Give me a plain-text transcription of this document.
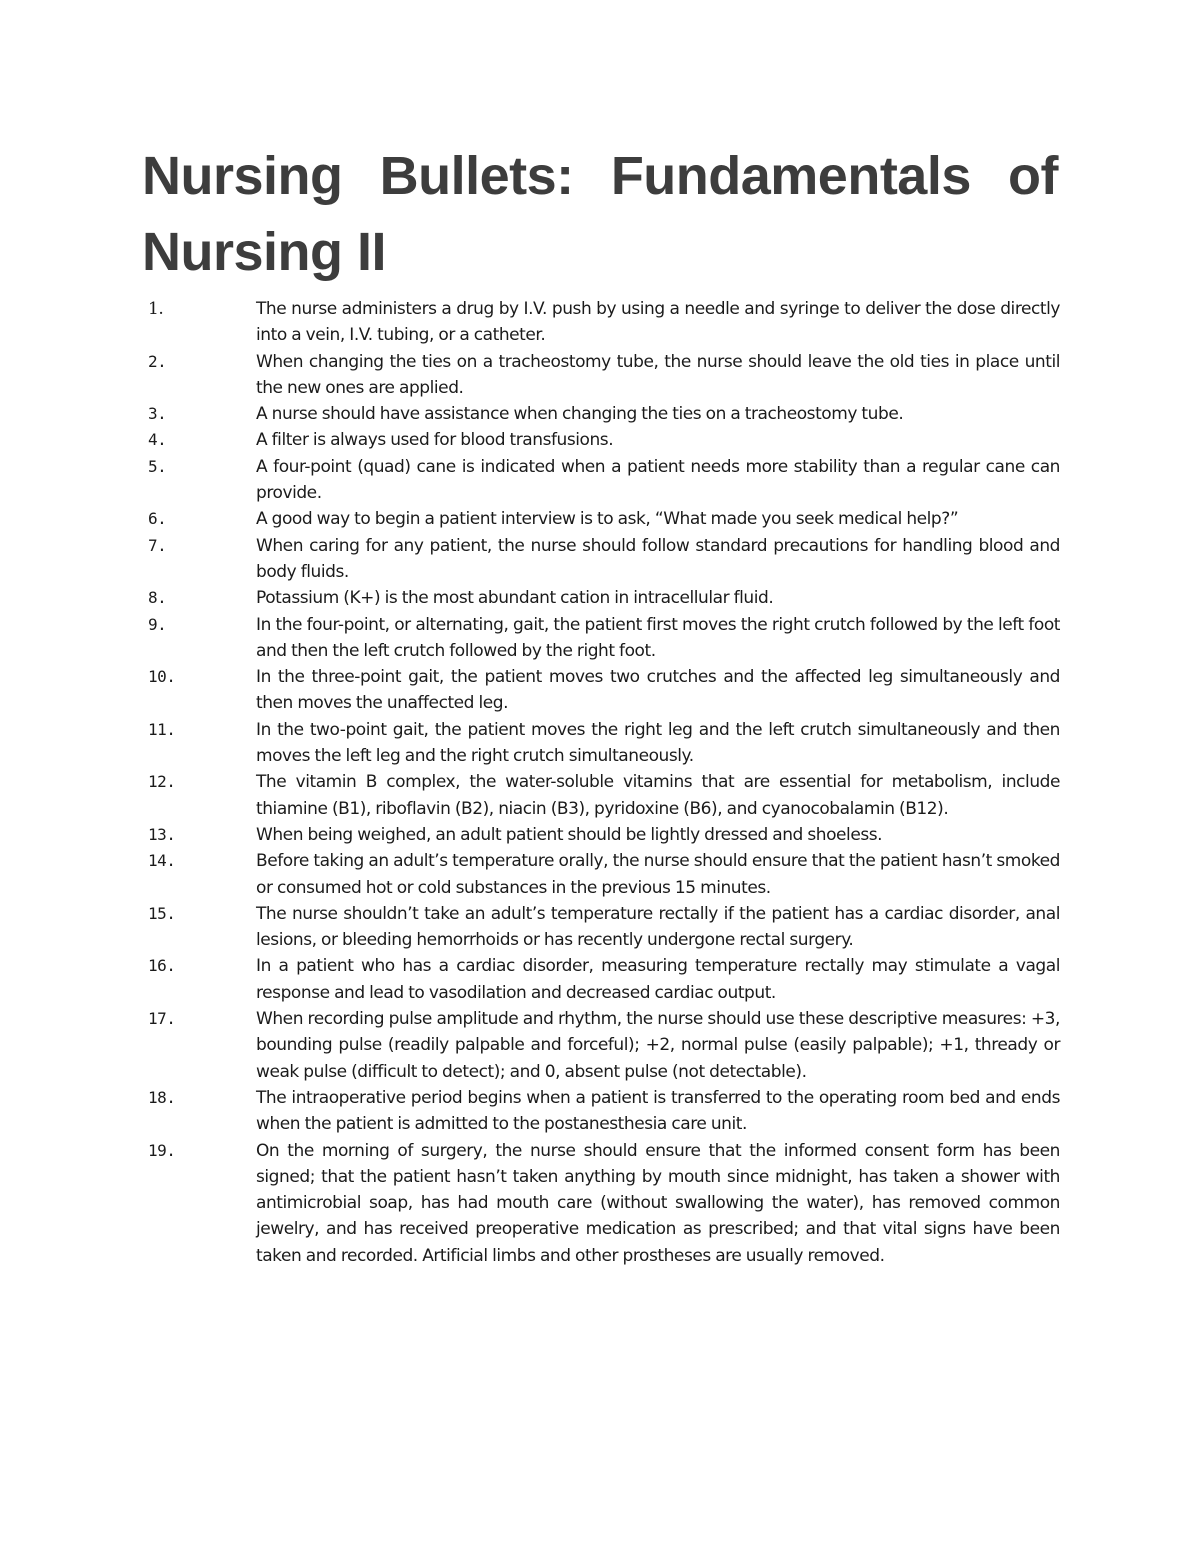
Nursing Bullets: Fundamentals of Nursing II
1.	The nurse administers a drug by I.V. push by using a needle and syringe to deliver the dose directly into a vein, I.V. tubing, or a catheter.
2.	When changing the ties on a tracheostomy tube, the nurse should leave the old ties in place until the new ones are applied.
3.	A nurse should have assistance when changing the ties on a tracheostomy tube.
4.	A filter is always used for blood transfusions.
5.	A four-point (quad) cane is indicated when a patient needs more stability than a regular cane can provide.
6.	A good way to begin a patient interview is to ask, “What made you seek medical help?”
7.	When caring for any patient, the nurse should follow standard precautions for handling blood and body fluids.
8.	Potassium (K+) is the most abundant cation in intracellular fluid.
9.	In the four-point, or alternating, gait, the patient first moves the right crutch followed by the left foot and then the left crutch followed by the right foot.
10.	In the three-point gait, the patient moves two crutches and the affected leg simultaneously and then moves the unaffected leg.
11.	In the two-point gait, the patient moves the right leg and the left crutch simultaneously and then moves the left leg and the right crutch simultaneously.
12.	The vitamin B complex, the water-soluble vitamins that are essential for metabolism, include thiamine (B1), riboflavin (B2), niacin (B3), pyridoxine (B6), and cyanocobalamin (B12).
13.	When being weighed, an adult patient should be lightly dressed and shoeless.
14.	Before taking an adult’s temperature orally, the nurse should ensure that the patient hasn’t smoked or consumed hot or cold substances in the previous 15 minutes.
15.	The nurse shouldn’t take an adult’s temperature rectally if the patient has a cardiac disorder, anal lesions, or bleeding hemorrhoids or has recently undergone rectal surgery.
16.	In a patient who has a cardiac disorder, measuring temperature rectally may stimulate a vagal response and lead to vasodilation and decreased cardiac output.
17.	When recording pulse amplitude and rhythm, the nurse should use these descriptive measures: +3, bounding pulse (readily palpable and forceful); +2, normal pulse (easily palpable); +1, thready or weak pulse (difficult to detect); and 0, absent pulse (not detectable).
18.	The intraoperative period begins when a patient is transferred to the operating room bed and ends when the patient is admitted to the postanesthesia care unit.
19.	On the morning of surgery, the nurse should ensure that the informed consent form has been signed; that the patient hasn’t taken anything by mouth since midnight, has taken a shower with antimicrobial soap, has had mouth care (without swallowing the water), has removed common jewelry, and has received preoperative medication as prescribed; and that vital signs have been taken and recorded. Artificial limbs and other prostheses are usually removed.
